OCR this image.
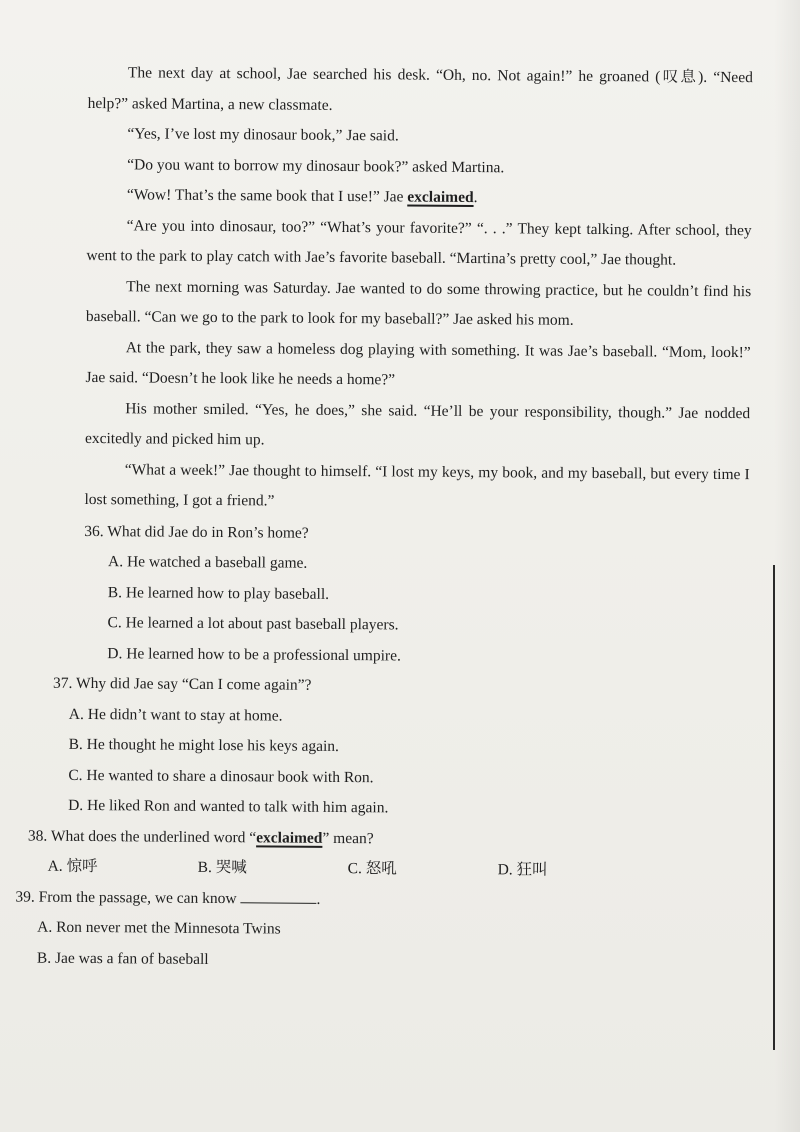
The next day at school, Jae searched his desk. “Oh, no. Not again!” he groaned (叹息). “Need help?” asked Martina, a new classmate.

“Yes, I’ve lost my dinosaur book,” Jae said.

“Do you want to borrow my dinosaur book?” asked Martina.

“Wow! That’s the same book that I use!” Jae exclaimed.

“Are you into dinosaur, too?” “What’s your favorite?” “. . .” They kept talking. After school, they went to the park to play catch with Jae’s favorite baseball. “Martina’s pretty cool,” Jae thought.

The next morning was Saturday. Jae wanted to do some throwing practice, but he couldn’t find his baseball. “Can we go to the park to look for my baseball?” Jae asked his mom.

At the park, they saw a homeless dog playing with something. It was Jae’s baseball. “Mom, look!” Jae said. “Doesn’t he look like he needs a home?”

His mother smiled. “Yes, he does,” she said. “He’ll be your responsibility, though.” Jae nodded excitedly and picked him up.

“What a week!” Jae thought to himself. “I lost my keys, my book, and my baseball, but every time I lost something, I got a friend.”

36. What did Jae do in Ron’s home?

A. He watched a baseball game.

B. He learned how to play baseball.

C. He learned a lot about past baseball players.

D. He learned how to be a professional umpire.

37. Why did Jae say “Can I come again”?

A. He didn’t want to stay at home.

B. He thought he might lose his keys again.

C. He wanted to share a dinosaur book with Ron.

D. He liked Ron and wanted to talk with him again.

38. What does the underlined word “exclaimed” mean?

A. 惊呼	B. 哭喊	C. 怒吼	D. 狂叫

39. From the passage, we can know	.

A. Ron never met the Minnesota Twins

B. Jae was a fan of baseball
